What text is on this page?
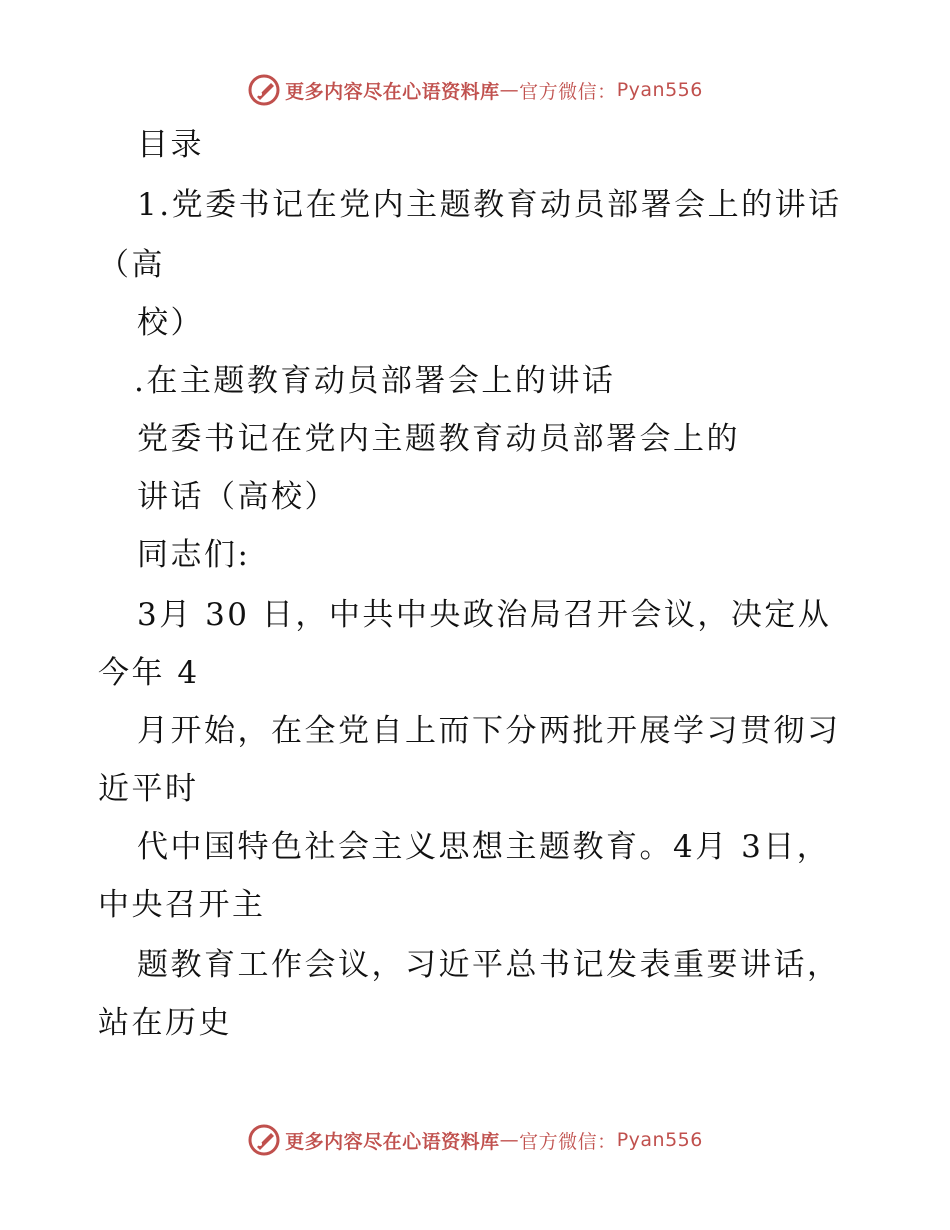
更多内容尽在心语资料库 — 官方微信： Pyan556
目录
1.党委书记在党内主题教育动员部署会上的讲话
（高
校）
.在主题教育动员部署会上的讲话
党委书记在党内主题教育动员部署会上的
讲话（高校）
同志们:
3月 30 日，中共中央政治局召开会议，决定从
今年 4
月开始，在全党自上而下分两批开展学习贯彻习
近平时
代中国特色社会主义思想主题教育。4月 3日，
中央召开主
题教育工作会议，习近平总书记发表重要讲话，
站在历史
更多内容尽在心语资料库 — 官方微信： Pyan556
